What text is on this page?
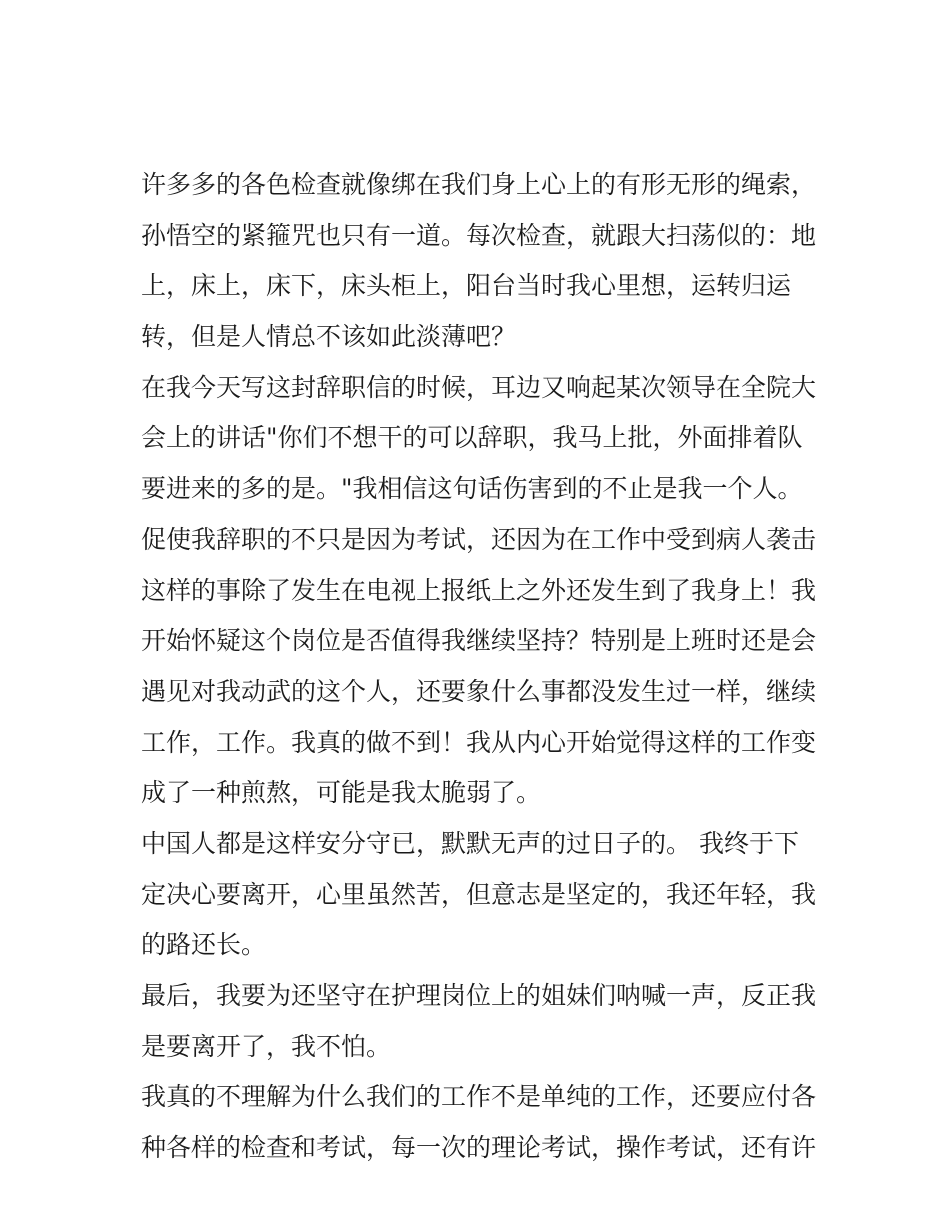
许多多的各色检查就像绑在我们身上心上的有形无形的绳索，
孙悟空的紧箍咒也只有一道。每次检查，就跟大扫荡似的：地
上，床上，床下，床头柜上，阳台当时我心里想，运转归运
转，但是人情总不该如此淡薄吧？
在我今天写这封辞职信的时候，耳边又响起某次领导在全院大
会上的讲话"你们不想干的可以辞职，我马上批，外面排着队
要进来的多的是。"我相信这句话伤害到的不止是我一个人。
促使我辞职的不只是因为考试，还因为在工作中受到病人袭击
这样的事除了发生在电视上报纸上之外还发生到了我身上！我
开始怀疑这个岗位是否值得我继续坚持？特别是上班时还是会
遇见对我动武的这个人，还要象什么事都没发生过一样，继续
工作，工作。我真的做不到！我从内心开始觉得这样的工作变
成了一种煎熬，可能是我太脆弱了。
中国人都是这样安分守已，默默无声的过日子的。 我终于下
定决心要离开，心里虽然苦，但意志是坚定的，我还年轻，我
的路还长。
最后，我要为还坚守在护理岗位上的姐妹们呐喊一声，反正我
是要离开了，我不怕。
我真的不理解为什么我们的工作不是单纯的工作，还要应付各
种各样的检查和考试，每一次的理论考试，操作考试，还有许
